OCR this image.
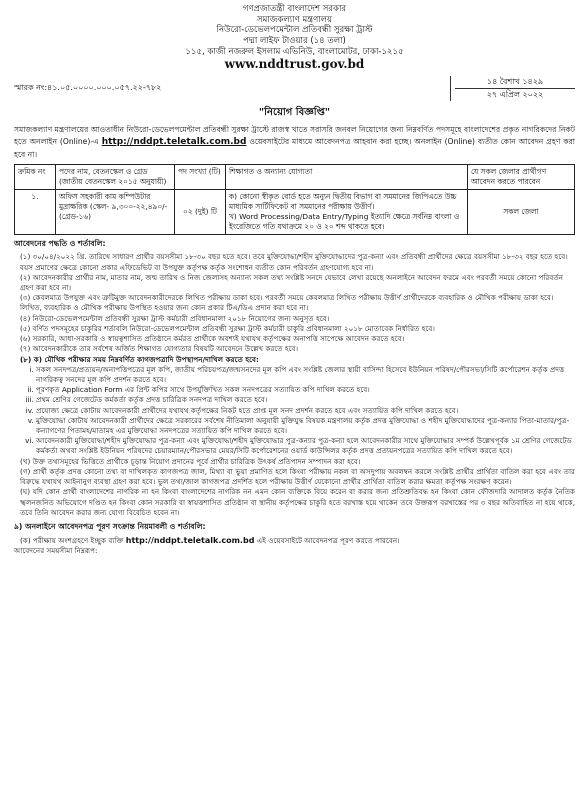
গণপ্রজাতন্ত্রী বাংলাদেশ সরকার
সমাজকল্যাণ মন্ত্রণালয়
নিউরো-ডেভেলপমেন্টাল প্রতিবন্ধী সুরক্ষা ট্রাস্ট
পদ্মা লাইফ টাওয়ার (১৪ তলা)
১১৫, কাজী নজরুল ইসলাম এভিনিউ, বাংলামোটর, ঢাকা-১২১৫
www.nddtrust.gov.bd
স্মারক নং:৪১.০৫.০০০০.০০০.০৫৭.২২-৭৮২
১৪ বৈশাখ ১৪২৯
২৭ এপ্রিল ২০২২
"নিয়োগ বিজ্ঞপ্তি"

সমাজকল্যাণ মন্ত্রণালয়ের আওতাধীন নিউরো-ডেভেলপমেন্টাল প্রতিবন্ধী সুরক্ষা ট্রাস্টে রাজস্ব খাতে সরাসরি জনবল নিয়োগের জন্য নিম্নবর্ণিত পদসমূহে বাংলাদেশের প্রকৃত নাগরিকদের নিকট হতে অনলাইন (Online)-এ http://nddpt.teletalk.com.bd ওয়েবসাইটের মাধ্যমে আবেদনপত্র আহবান করা হচ্ছে। অনলাইন (Online) ব্যতীত কোন আবেদন গ্রহণ করা হবে না।

ক্রমিক নং	পদের নাম, বেতনস্কেল ও গ্রেড (জাতীয় বেতনস্কেল ২০১৫ অনুযায়ী)	পদ সংখ্যা (টি)	শিক্ষাগত ও অন্যান্য যোগ্যতা	যে সকল জেলার প্রার্থীগণ আবেদন করতে পারবেন
১.	অফিস সহকারী কাম কম্পিউটার মুদ্রাক্ষরিক (স্কেল- ৯,৩০০-২২,৪৯০/- (গ্রেড-১৬)	০২ (দুই) টি	ক) কোনো স্বীকৃত বোর্ড হতে অন্যুন দ্বিতীয় বিভাগ বা সমমানের জিপিএতে উচ্চ মাধ্যমিক সার্টিফিকেট বা সমমানের পরীক্ষায় উত্তীর্ণ।
খ) Word Processing/Data Entry/Typing ইত্যাদি ক্ষেত্রে সর্বনিম্ন বাংলা ও ইংরেজিতে গতি যথাক্রমে ২০ ও ২০ শব্দ থাকতে হবে।	সকল জেলা
আবেদনের পদ্ধতি ও শর্তাবলি:
(১) ৩০/০৪/২০২২ খ্রি. তারিখে সাধারণ প্রার্থীর বয়সসীমা ১৮-৩০ বছর হতে হবে। তবে মুক্তিযোদ্ধা/শহীদ মুক্তিযোদ্ধাদের পুত্র-কন্যা এবং প্রতিবন্ধী প্রার্থীদের ক্ষেত্রে বয়সসীমা ১৮-৩২ বছর হতে হবে। বয়স প্রমাণের ক্ষেত্রে কোনো প্রকার এফিডেভিট বা উপযুক্ত কর্তৃপক্ষ কর্তৃক সংশোধন ব্যতীত কোন পরিবর্তন গ্রহণযোগ্য হবে না।
(২) আবেদনকারীর প্রার্থীর নাম, মাতার নাম, জন্ম তারিখ ও নিজ জেলাসহ অন্যান্য সকল তথ্য সংশ্লিষ্ট সনদে যেভাবে লেখা রয়েছে অনলাইনে আবেদন ফরমে এবং পরবর্তী সময়ে কোনো পরিবর্তন গ্রহণ করা হবে না।
(৩) কেবলমাত্র উপযুক্ত এবং ত্রুটিমুক্ত আবেদনকারীদেরকে লিখিত পরীক্ষায় ডাকা হবে। পরবর্তী সময়ে কেবলমাত্র লিখিত পরীক্ষায় উত্তীর্ণ প্রার্থীদেরকে ব্যবহারিক ও মৌখিক পরীক্ষায় ডাকা হবে। লিখিত, ব্যবহারিক ও মৌখিক পরীক্ষায় উপস্থিত হওয়ার জন্য কোন প্রকার টিএ/ডিএ প্রদান করা হবে না।
(৪) নিউরো-ডেভেলপমেন্টাল প্রতিবন্ধী সুরক্ষা ট্রাস্ট কর্মচারী প্রবিধানমালা ২০১৮ নিয়োগের জন্য অনুসৃত হবে।
(৫) বর্ণিত পদসমূহের চাকুরির শর্তাবলি নিউরো-ডেভেলপমেন্টাল প্রতিবন্ধী সুরক্ষা ট্রাস্ট কর্মচারী চাকুরি প্রবিধানমালা ২০১৮ মোতাবেক নির্ধারিত হবে।
(৬) সরকারি, আধা-সরকারি ও স্বায়ত্বশাসিত প্রতিষ্ঠানে কর্মরত প্রার্থীকে অবশ্যই যথাযথ কর্তৃপক্ষের অনাপত্তি সাপেক্ষে আবেদন করতে হবে।
(৭) আবেদনকারীকে তার সর্বশেষ অর্জিত শিক্ষাগত যোগ্যতার বিষয়টি আবেদনে উল্লেখ করতে হবে।
(৮) ক) মৌখিক পরীক্ষার সময় নিম্নবর্ণিত কাগজপত্রাদি উপস্থাপন/দাখিল করতে হবে:
i. সকল সনদপত্র/প্রত্যয়ন/অনাপত্তিপত্রের মূল কপি, জাতীয় পরিচয়পত্র/জন্মসনদের মূল কপি এবং সংশ্লিষ্ট জেলার স্থায়ী বাসিন্দা হিসেবে ইউনিয়ন পরিষদ/পৌরসভা/সিটি কর্পোরেশন কর্তৃক প্রদত্ত নাগরিকত্ব সনদের মূল কপি প্রদর্শন করতে হবে।
ii. পূরণকৃত Application Form এর প্রিন্ট কপির সাথে উপর্যুক্তিখিত সকল সনদপত্রের সত্যায়িত কপি দাখিল করতে হবে।
iii. প্রথম শ্রেণির গেজেটেড কর্মকর্তা কর্তৃক প্রদত্ত চারিত্রিক সনদপত্র দাখিল করতে হবে।
iv. প্রযোজ্য ক্ষেত্রে কোটায় আবেদনকারী প্রার্থীদের যথাযথ কর্তৃপক্ষের নিকট হতে প্রাপ্ত মূল সনদ প্রদর্শন করতে হবে এবং সত্যায়িত কপি দাখিল করতে হবে।
v. মুক্তিযোদ্ধা কোটায় আবেদনকারী প্রার্থীদের ক্ষেত্রে সরকারের সর্বশেষ নীতিমালা অনুযায়ী মুক্তিযুদ্ধ বিষয়ক মন্ত্রণালয় কর্তৃক প্রদত্ত মুক্তিযোদ্ধা ও শহীদ মুক্তিযোদ্ধাদের পুত্র-কন্যার পিতা-মাতার/পুত্র-কন্যাগণের পিতামহ/মাতামহ এর মুক্তিযোদ্ধা সনদপত্রের সত্যায়িত কপি দাখিল করতে হবে।
vi. আবেদনকারী মুক্তিযোদ্ধা/শহীদ মুক্তিযোদ্ধার পুত্র-কন্যা এবং মুক্তিযোদ্ধা/শহীদ মুক্তিযোদ্ধার পুত্র-কন্যার পুত্র-কন্যা হলে আবেদনকারীর সাথে মুক্তিযোদ্ধার সম্পর্ক উল্লেখপূর্বক ১ম শ্রেণির গেজেটেড কর্মকর্তা অথবা সংশ্লিষ্ট ইউনিয়ন পরিষদের চেয়ারম্যান/পৌরসভার মেয়র/সিটি কর্পোরেশনের ওয়ার্ড কাউন্সিলর কর্তৃক প্রদত্ত প্রত্যয়নপত্রের সত্যায়িত কপি দাখিল করতে হবে।

(খ) উক্ত তথ্যসমূহের ভিত্তিতে প্রার্থীকে চূড়ান্ত নিয়োগ প্রদানের পূর্বে প্রার্থীর চারিত্রিক উৎকর্ষ প্রতিপাদন সম্পাদন করা হবে।

(গ) প্রার্থী কর্তৃক প্রদত্ত কোনো তথ্য বা দাখিলকৃত কাগজপত্র জাল, মিথ্যা বা ভুয়া প্রমাণিত হলে কিংবা পরীক্ষায় নকল বা অসদুপায় অবলম্বন করলে সংশ্লিষ্ট প্রার্থীর প্রার্থিতা বাতিল করা হবে এবং তার বিরুদ্ধে যথাযথ আইনানুগ ব্যবস্থা গ্রহণ করা হবে। ভুল তথ্য/জাল কাগজপত্র প্রদর্শিত হলে পরীক্ষায় উত্তীর্ণ যেকোনো প্রার্থীর প্রার্থিতা বাতিল করার ক্ষমতা কর্তৃপক্ষ সংরক্ষণ করেন।

(ঘ) যদি কোন প্রার্থী বাংলাদেশের নাগরিক না হন কিংবা বাংলাদেশের নাগরিক নন এমন কোন ব্যক্তিকে বিয়ে করেন বা করার জন্য প্রতিশ্রুতিবদ্ধ হন কিংবা কোন ফৌজদারি আদালত কর্তৃক নৈতিক স্খলনজনিত অভিযোগে দণ্ডিত হন কিংবা কোন সরকারি বা স্বায়ত্তশাসিত প্রতিষ্ঠান বা স্থানীয় কর্তৃপক্ষের চাকুরি হতে বরখাস্ত হয়ে থাকেন তবে উক্তরূপ বরখাস্তের পর ৩ বছর অতিবাহিত না হয়ে থাকে, তবে তিনি আবেদন করার জন্য যোগ্য বিবেচিত হবেন না।

৯) অনলাইনে আবেদনপত্র পূরণ সংক্রান্ত নিয়মাবলী ও শর্তাবলি:

(ক) পরীক্ষায় অংশগ্রহণে ইচ্ছুক ব্যক্তি http://nddpt.teletalk.com.bd এই ওয়েবসাইটে আবেদনপত্র পূরণ করতে পারবেন।

আবেদনের সময়সীমা নিম্নরূপ:
